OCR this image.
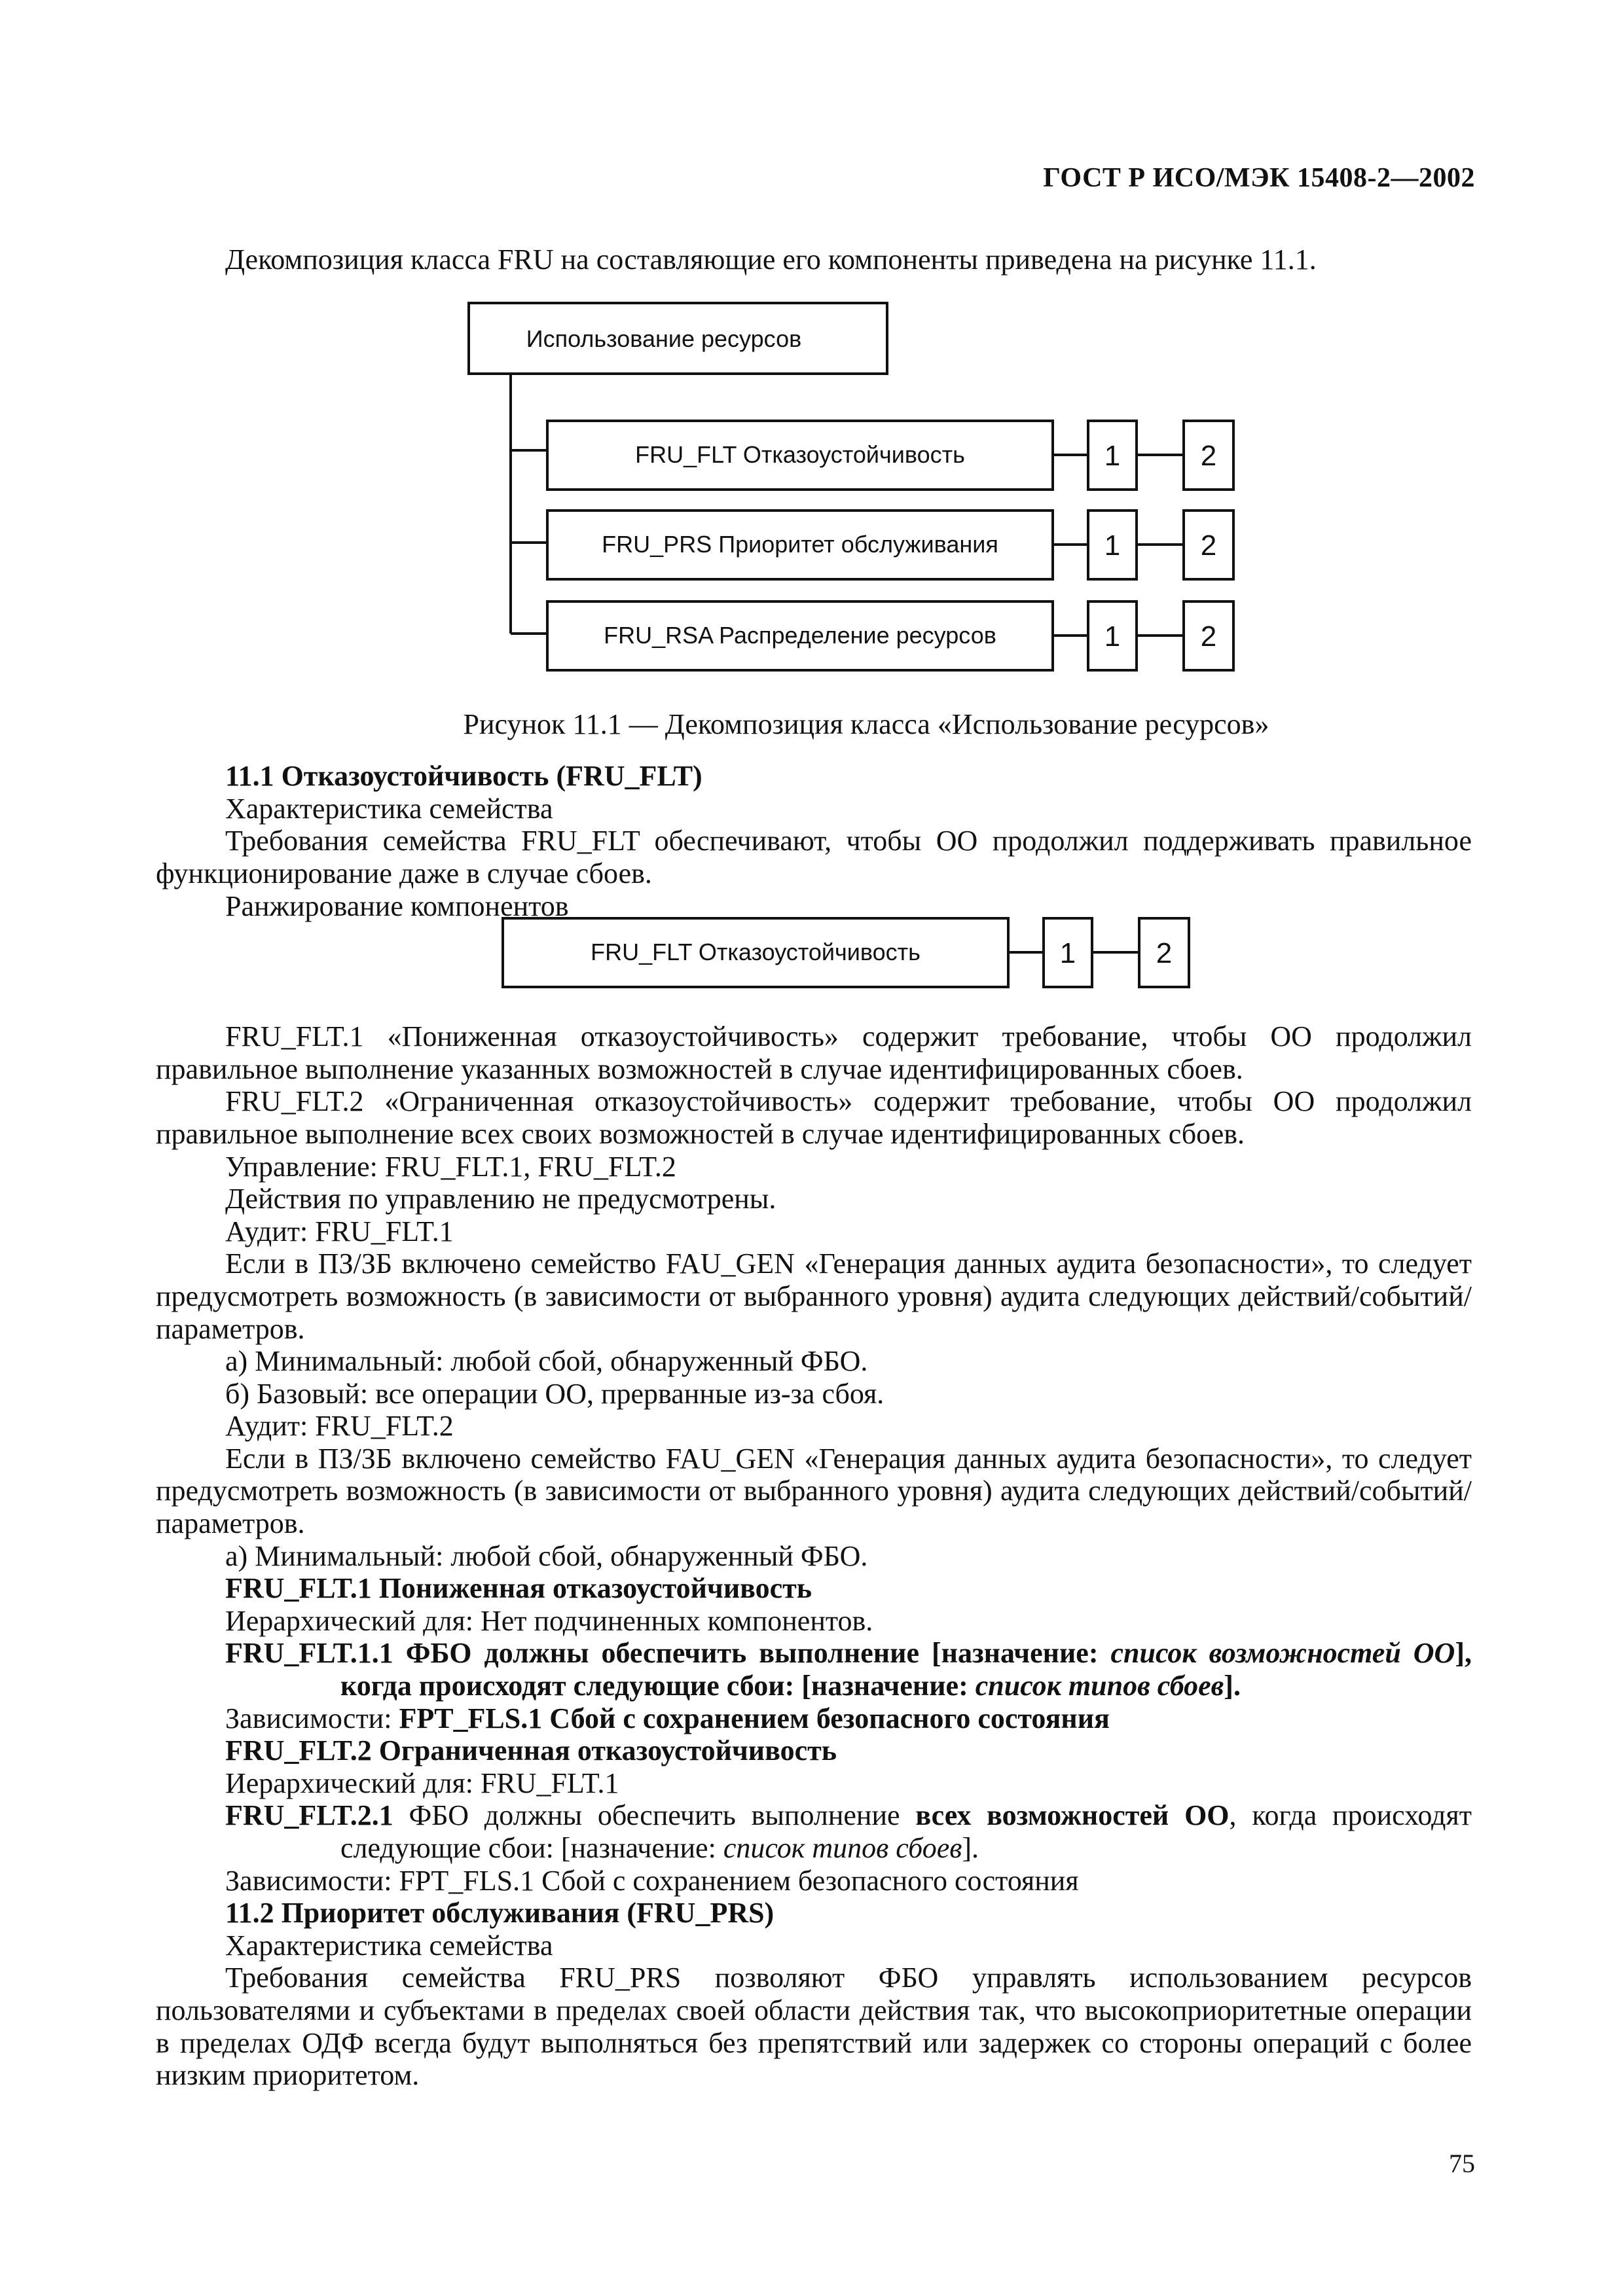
ГОСТ Р ИСО/МЭК 15408-2—2002
Использование ресурсов
FRU_FLT Отказоустойчивость
FRU_PRS Приоритет обслуживания
FRU_RSA Распределение ресурсов
1	2
1	2
1	2
FRU_FLT Отказоустойчивость	1	2

Декомпозиция класса FRU на составляющие его компоненты приведена на рисунке 11.1.

Рисунок 11.1 — Декомпозиция класса «Использование ресурсов»

11.1 Отказоустойчивость (FRU_FLT)

Характеристика семейства

Требования семейства FRU_FLT обеспечивают, чтобы ОО продолжил поддерживать правильное функционирование даже в случае сбоев.

Ранжирование компонентов

FRU_FLT.1 «Пониженная отказоустойчивость» содержит требование, чтобы ОО продолжил правильное выполнение указанных возможностей в случае идентифицированных сбоев.

FRU_FLT.2 «Ограниченная отказоустойчивость» содержит требование, чтобы ОО продолжил правильное выполнение всех своих возможностей в случае идентифицированных сбоев.

Управление: FRU_FLT.1, FRU_FLT.2

Действия по управлению не предусмотрены.

Аудит: FRU_FLT.1

Если в ПЗ/ЗБ включено семейство FAU_GEN «Генерация данных аудита безопасности», то следует предусмотреть возможность (в зависимости от выбранного уровня) аудита следующих действий/событий/параметров.

а) Минимальный: любой сбой, обнаруженный ФБО.

б) Базовый: все операции ОО, прерванные из-за сбоя.

Аудит: FRU_FLT.2

Если в ПЗ/ЗБ включено семейство FAU_GEN «Генерация данных аудита безопасности», то следует предусмотреть возможность (в зависимости от выбранного уровня) аудита следующих действий/событий/параметров.

а) Минимальный: любой сбой, обнаруженный ФБО.

FRU_FLT.1 Пониженная отказоустойчивость

Иерархический для: Нет подчиненных компонентов.

FRU_FLT.1.1 ФБО должны обеспечить выполнение [назначение: список возможностей ОО], когда происходят следующие сбои: [назначение: список типов сбоев].

Зависимости: FPT_FLS.1 Сбой с сохранением безопасного состояния

FRU_FLT.2 Ограниченная отказоустойчивость

Иерархический для: FRU_FLT.1

FRU_FLT.2.1 ФБО должны обеспечить выполнение всех возможностей ОО, когда происходят следующие сбои: [назначение: список типов сбоев].

Зависимости: FPT_FLS.1 Сбой с сохранением безопасного состояния

11.2 Приоритет обслуживания (FRU_PRS)

Характеристика семейства

Требования семейства FRU_PRS позволяют ФБО управлять использованием ресурсов пользователями и субъектами в пределах своей области действия так, что высокоприоритетные операции в пределах ОДФ всегда будут выполняться без препятствий или задержек со стороны операций с более низким приоритетом.

75
